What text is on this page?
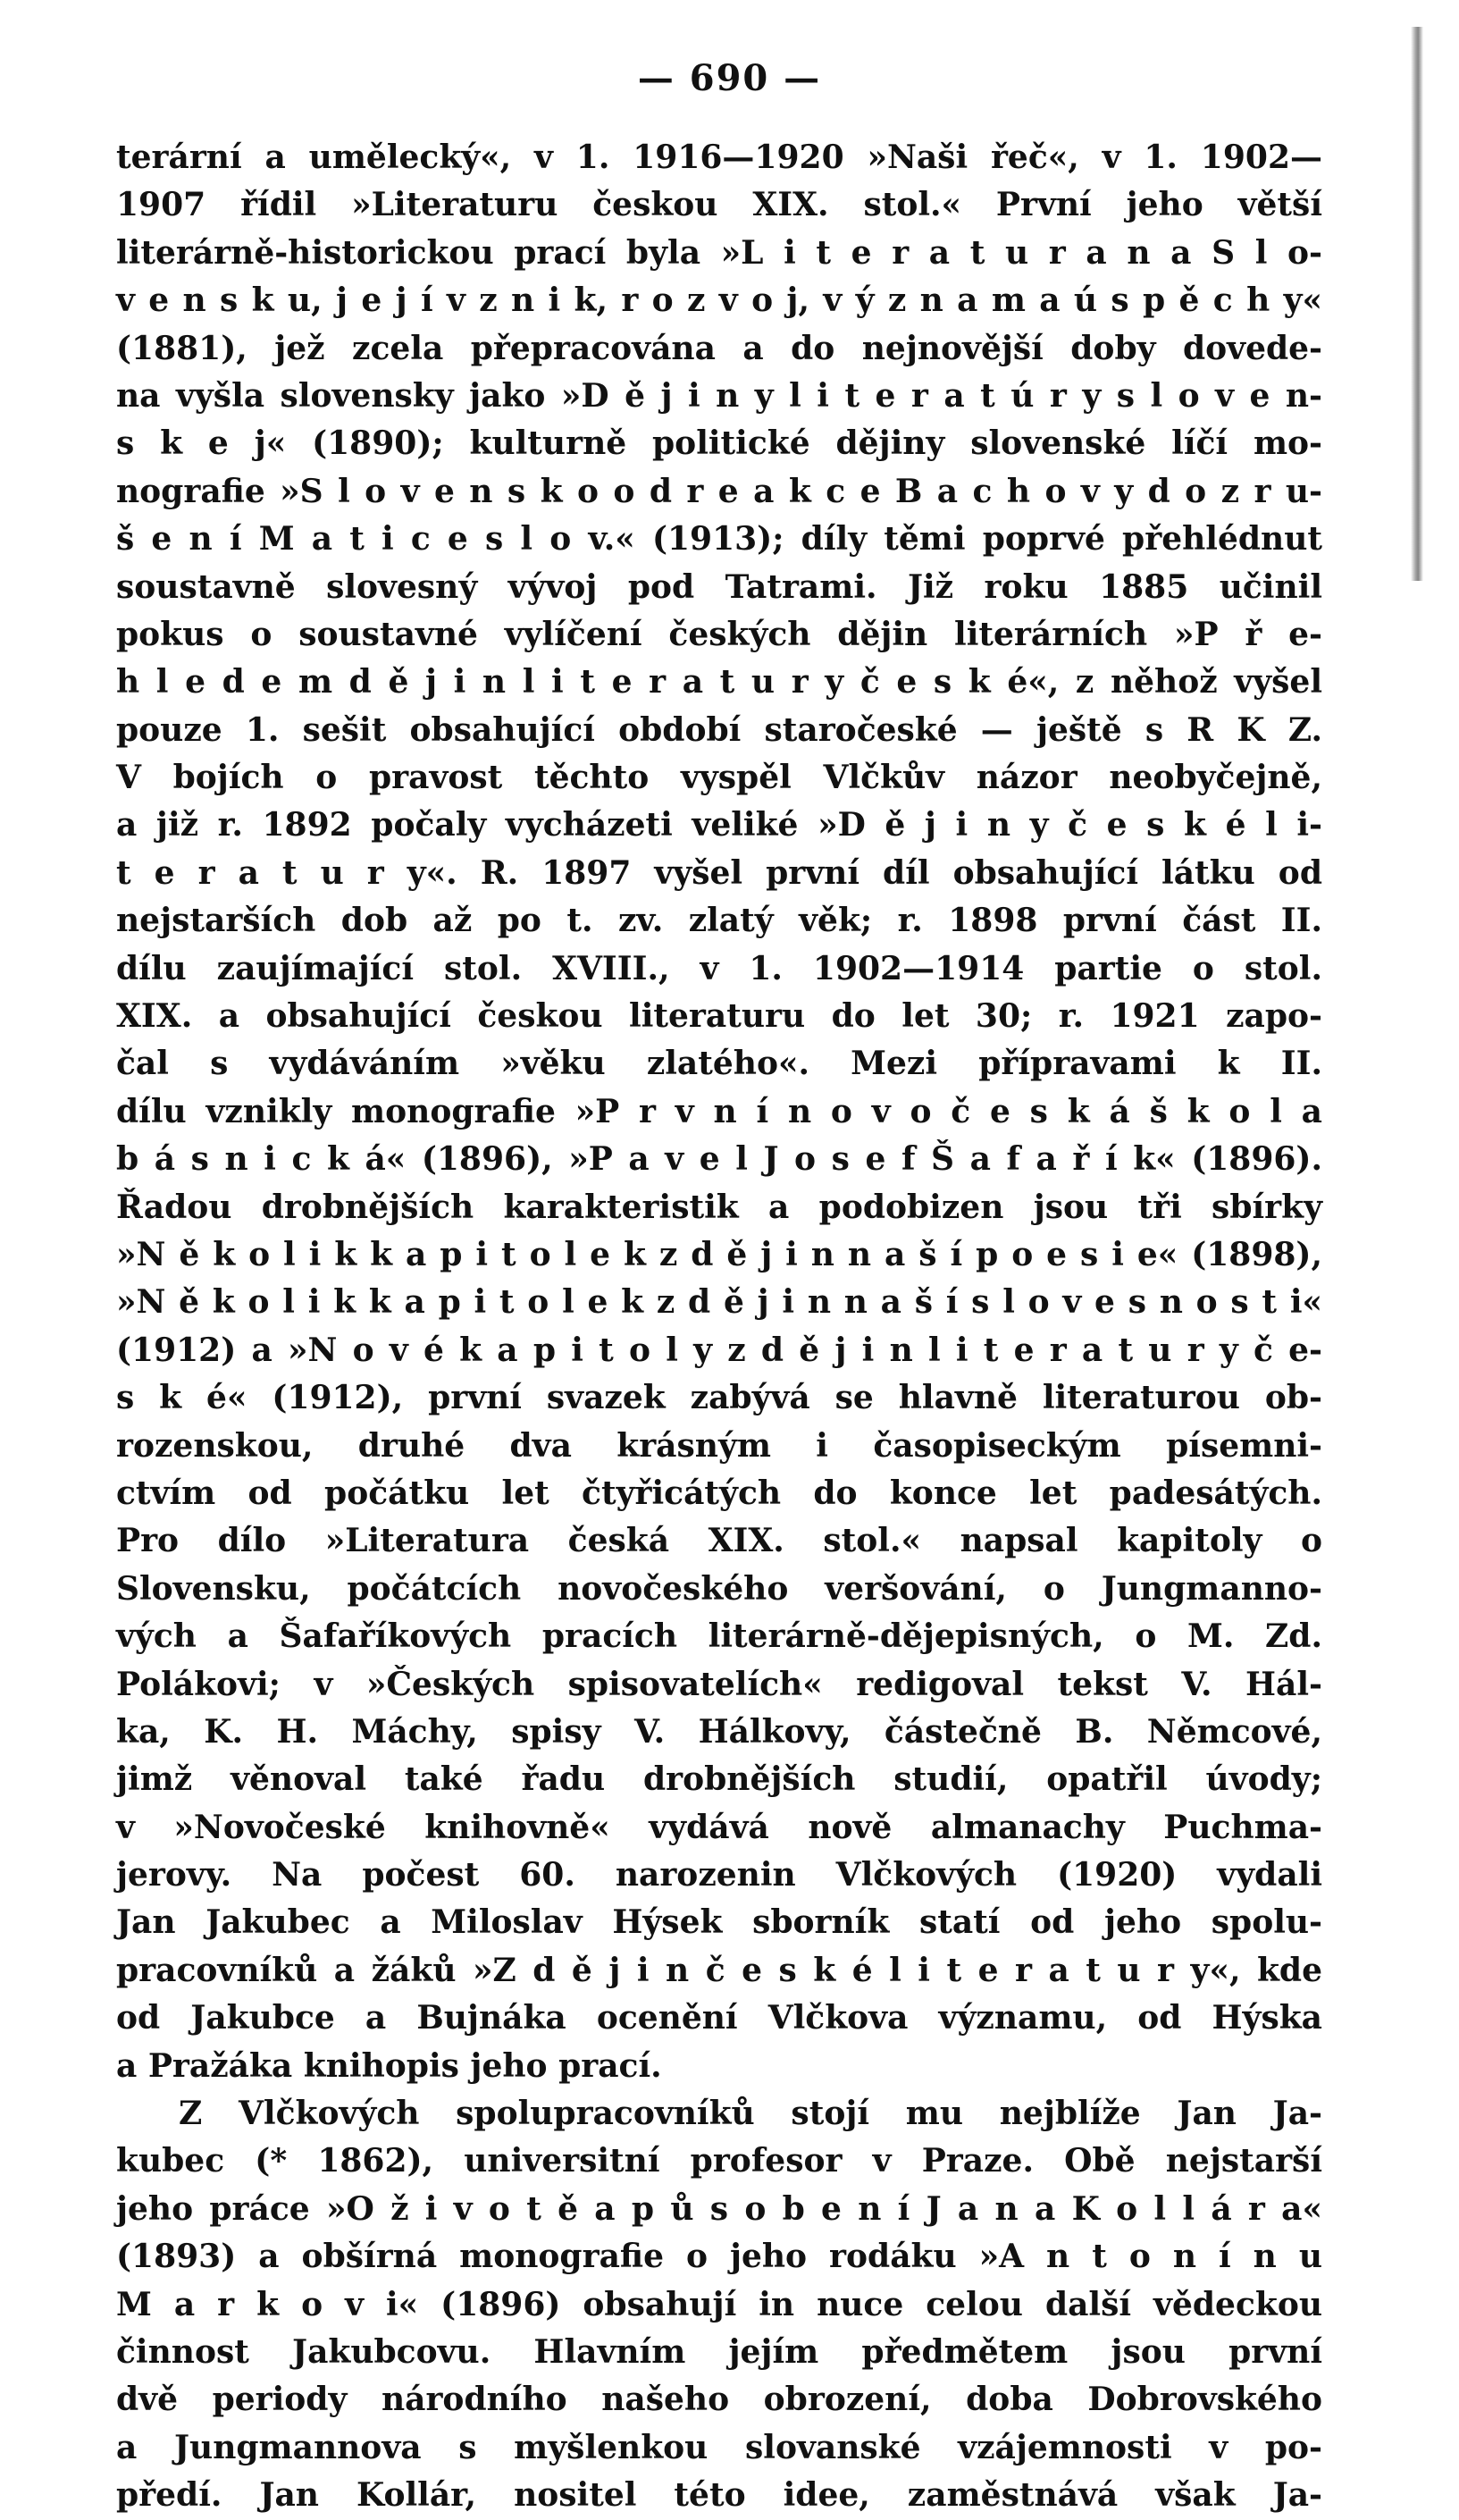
— 690 —
terární a umělecký«, v 1. 1916—1920 »Naši řeč«, v 1. 1902—
1907 řídil »Literaturu českou XIX. stol.« První jeho větší
literárně-historickou prací byla »L i t e r a t u r a n a S l o-
v e n s k u, j e j í v z n i k, r o z v o j, v ý z n a m a ú s p ě c h y«
(1881), jež zcela přepracována a do nejnovější doby dovede-
na vyšla slovensky jako »D ě j i n y l i t e r a t ú r y s l o v e n-
s k e j« (1890); kulturně politické dějiny slovenské líčí mo-
nografie »S l o v e n s k o o d r e a k c e B a c h o v y d o z r u-
š e n í M a t i c e s l o v.« (1913); díly těmi poprvé přehlédnut
soustavně slovesný vývoj pod Tatrami. Již roku 1885 učinil
pokus o soustavné vylíčení českých dějin literárních »P ř e-
h l e d e m d ě j i n l i t e r a t u r y č e s k é«, z něhož vyšel
pouze 1. sešit obsahující období staročeské — ještě s R K Z.
V bojích o pravost těchto vyspěl Vlčkův názor neobyčejně,
a již r. 1892 počaly vycházeti veliké »D ě j i n y č e s k é l i-
t e r a t u r y«. R. 1897 vyšel první díl obsahující látku od
nejstarších dob až po t. zv. zlatý věk; r. 1898 první část II.
dílu zaujímající stol. XVIII., v 1. 1902—1914 partie o stol.
XIX. a obsahující českou literaturu do let 30; r. 1921 zapo-
čal s vydáváním »věku zlatého«. Mezi přípravami k II.
dílu vznikly monografie »P r v n í n o v o č e s k á š k o l a
b á s n i c k á« (1896), »P a v e l J o s e f Š a f a ř í k« (1896).
Řadou drobnějších karakteristik a podobizen jsou tři sbírky
»N ě k o l i k k a p i t o l e k z d ě j i n n a š í p o e s i e« (1898),
»N ě k o l i k k a p i t o l e k z d ě j i n n a š í s l o v e s n o s t i«
(1912) a »N o v é k a p i t o l y z d ě j i n l i t e r a t u r y č e-
s k é« (1912), první svazek zabývá se hlavně literaturou ob-
rozenskou, druhé dva krásným i časopiseckým písemni-
ctvím od počátku let čtyřicátých do konce let padesátých.
Pro dílo »Literatura česká XIX. stol.« napsal kapitoly o
Slovensku, počátcích novočeského veršování, o Jungmanno-
vých a Šafaříkových pracích literárně-dějepisných, o M. Zd.
Polákovi; v »Českých spisovatelích« redigoval tekst V. Hál-
ka, K. H. Máchy, spisy V. Hálkovy, částečně B. Němcové,
jimž věnoval také řadu drobnějších studií, opatřil úvody;
v »Novočeské knihovně« vydává nově almanachy Puchma-
jerovy. Na počest 60. narozenin Vlčkových (1920) vydali
Jan Jakubec a Miloslav Hýsek sborník statí od jeho spolu-
pracovníků a žáků »Z d ě j i n č e s k é l i t e r a t u r y«, kde
od Jakubce a Bujnáka ocenění Vlčkova významu, od Hýska
a Pražáka knihopis jeho prací.
Z Vlčkových spolupracovníků stojí mu nejblíže Jan Ja-
kubec (* 1862), universitní profesor v Praze. Obě nejstarší
jeho práce »O ž i v o t ě a p ů s o b e n í J a n a K o l l á r a«
(1893) a obšírná monografie o jeho rodáku »A n t o n í n u
M a r k o v i« (1896) obsahují in nuce celou další vědeckou
činnost Jakubcovu. Hlavním jejím předmětem jsou první
dvě periody národního našeho obrození, doba Dobrovského
a Jungmannova s myšlenkou slovanské vzájemnosti v po-
předí. Jan Kollár, nositel této idee, zaměstnává však Ja-
